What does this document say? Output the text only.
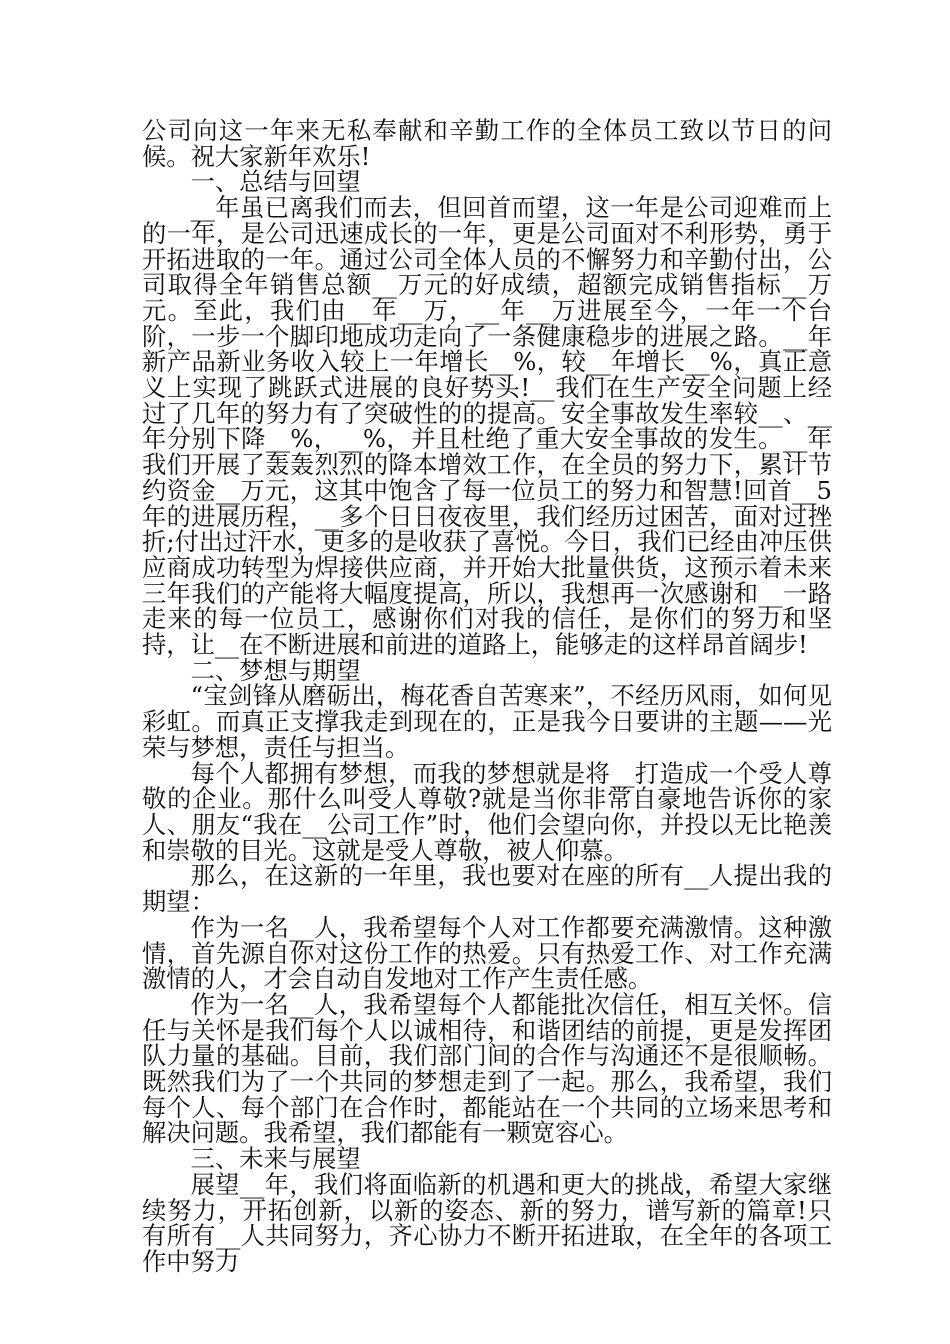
公司向这一年来无私奉献和辛勤工作的全体员工致以节日的问候。祝大家新年欢乐!

一、总结与回望

__年虽已离我们而去，但回首而望，这一年是公司迎难而上的一年，是公司迅速成长的一年，更是公司面对不利形势，勇于开拓进取的一年。通过公司全体人员的不懈努力和辛勤付出，公司取得全年销售总额__万元的好成绩，超额完成销售指标__万元。至此，我们由__年__万，__年__万进展至今，一年一个台阶，一步一个脚印地成功走向了一条健康稳步的进展之路。__年新产品新业务收入较上一年增长__%，较__年增长__%，真正意义上实现了跳跃式进展的良好势头!__我们在生产安全问题上经过了几年的努力有了突破性的的提高。安全事故发生率较__、__年分别下降__%，__%，并且杜绝了重大安全事故的发生。__年我们开展了轰轰烈烈的降本增效工作，在全员的努力下，累计节约资金__万元，这其中饱含了每一位员工的努力和智慧!回首__5年的进展历程，__多个日日夜夜里，我们经历过困苦，面对过挫折;付出过汗水，更多的是收获了喜悦。今日，我们已经由冲压供应商成功转型为焊接供应商，并开始大批量供货，这预示着未来三年我们的产能将大幅度提高，所以，我想再一次感谢和__一路走来的每一位员工，感谢你们对我的信任，是你们的努力和坚持，让__在不断进展和前进的道路上，能够走的这样昂首阔步!

二、梦想与期望

“宝剑锋从磨砺出，梅花香自苦寒来”，不经历风雨，如何见彩虹。而真正支撑我走到现在的，正是我今日要讲的主题——光荣与梦想，责任与担当。

每个人都拥有梦想，而我的梦想就是将__打造成一个受人尊敬的企业。那什么叫受人尊敬?就是当你非常自豪地告诉你的家人、朋友“我在__公司工作”时，他们会望向你，并投以无比艳羡和崇敬的目光。这就是受人尊敬，被人仰慕。

那么，在这新的一年里，我也要对在座的所有__人提出我的期望：

作为一名__人，我希望每个人对工作都要充满激情。这种激情，首先源自你对这份工作的热爱。只有热爱工作、对工作充满激情的人，才会自动自发地对工作产生责任感。

作为一名__人，我希望每个人都能批次信任，相互关怀。信任与关怀是我们每个人以诚相待，和谐团结的前提，更是发挥团队力量的基础。目前，我们部门间的合作与沟通还不是很顺畅。既然我们为了一个共同的梦想走到了一起。那么，我希望，我们每个人、每个部门在合作时，都能站在一个共同的立场来思考和解决问题。我希望，我们都能有一颗宽容心。

三、未来与展望

展望__年，我们将面临新的机遇和更大的挑战，希望大家继续努力，开拓创新，以新的姿态、新的努力，谱写新的篇章!只有所有__人共同努力，齐心协力不断开拓进取，在全年的各项工作中努力
